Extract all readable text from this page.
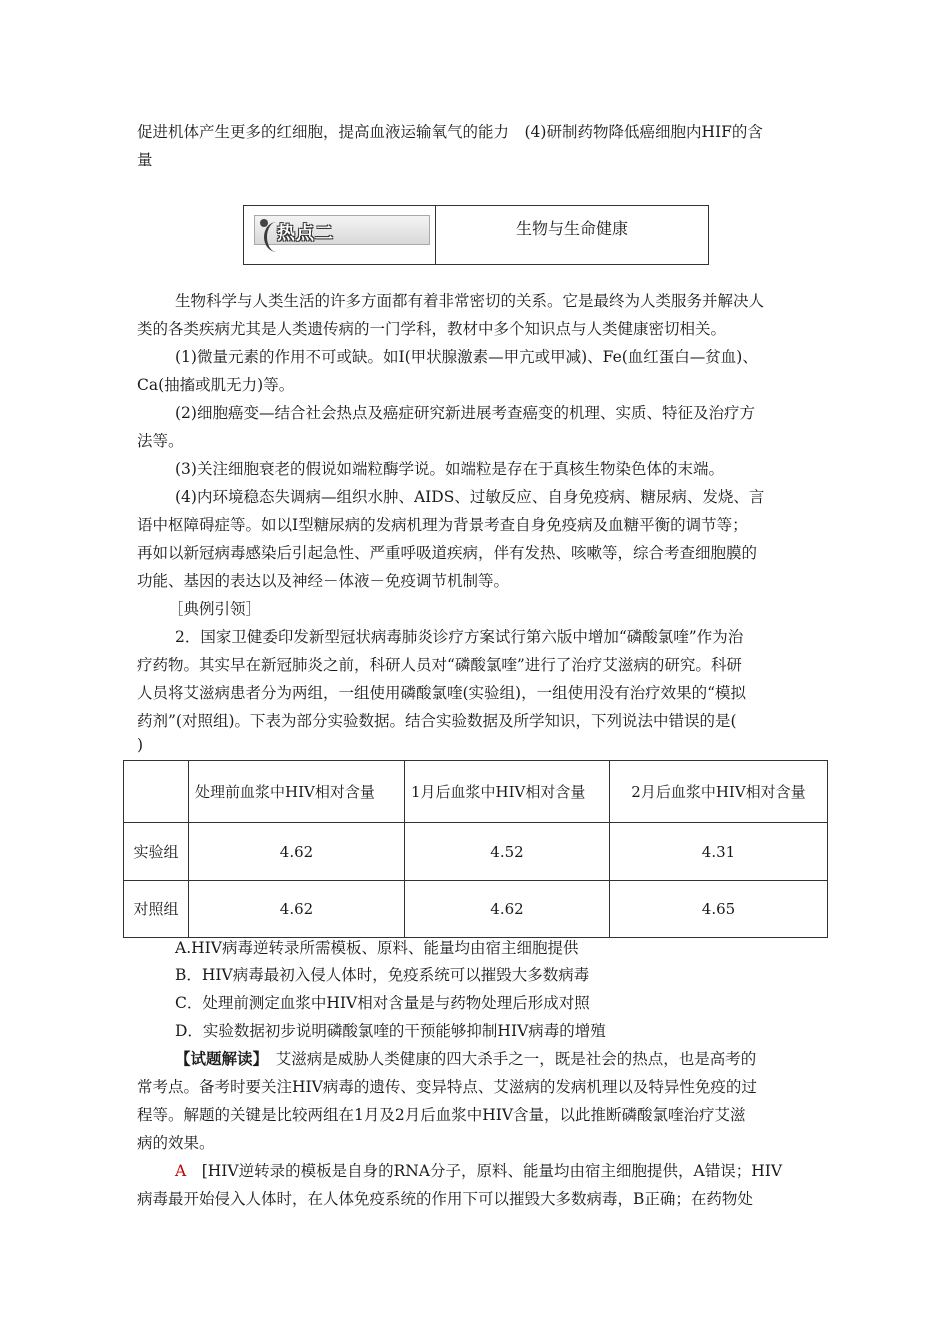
促进机体产生更多的红细胞，提高血液运输氧气的能力　(4)研制药物降低癌细胞内HIF的含
量
热点二	生物与生命健康
生物科学与人类生活的许多方面都有着非常密切的关系。它是最终为人类服务并解决人
类的各类疾病尤其是人类遗传病的一门学科，教材中多个知识点与人类健康密切相关。
(1)微量元素的作用不可或缺。如Ⅰ(甲状腺激素—甲亢或甲减)、Fe(血红蛋白—贫血)、
Ca(抽搐或肌无力)等。
(2)细胞癌变—结合社会热点及癌症研究新进展考查癌变的机理、实质、特征及治疗方
法等。
(3)关注细胞衰老的假说如端粒酶学说。如端粒是存在于真核生物染色体的末端。
(4)内环境稳态失调病—组织水肿、AIDS、过敏反应、自身免疫病、糖尿病、发烧、言
语中枢障碍症等。如以Ⅰ型糖尿病的发病机理为背景考查自身免疫病及血糖平衡的调节等；
再如以新冠病毒感染后引起急性、严重呼吸道疾病，伴有发热、咳嗽等，综合考查细胞膜的
功能、基因的表达以及神经－体液－免疫调节机制等。
［典例引领］
2．国家卫健委印发新型冠状病毒肺炎诊疗方案试行第六版中增加“磷酸氯喹”作为治
疗药物。其实早在新冠肺炎之前，科研人员对“磷酸氯喹”进行了治疗艾滋病的研究。科研
人员将艾滋病患者分为两组，一组使用磷酸氯喹(实验组)，一组使用没有治疗效果的“模拟
药剂”(对照组)。下表为部分实验数据。结合实验数据及所学知识，下列说法中错误的是(
)
	处理前血浆中HIV相对含量	1月后血浆中HIV相对含量	2月后血浆中HIV相对含量
实验组	4.62	4.52	4.31
对照组	4.62	4.62	4.65
A.HIV病毒逆转录所需模板、原料、能量均由宿主细胞提供
B．HIV病毒最初入侵人体时，免疫系统可以摧毁大多数病毒
C．处理前测定血浆中HIV相对含量是与药物处理后形成对照
D．实验数据初步说明磷酸氯喹的干预能够抑制HIV病毒的增殖
【试题解读】　艾滋病是威胁人类健康的四大杀手之一，既是社会的热点，也是高考的
常考点。备考时要关注HIV病毒的遗传、变异特点、艾滋病的发病机理以及特异性免疫的过
程等。解题的关键是比较两组在1月及2月后血浆中HIV含量，以此推断磷酸氯喹治疗艾滋
病的效果。
A　[HIV逆转录的模板是自身的RNA分子，原料、能量均由宿主细胞提供，A错误；HIV
病毒最开始侵入人体时，在人体免疫系统的作用下可以摧毁大多数病毒，B正确；在药物处
